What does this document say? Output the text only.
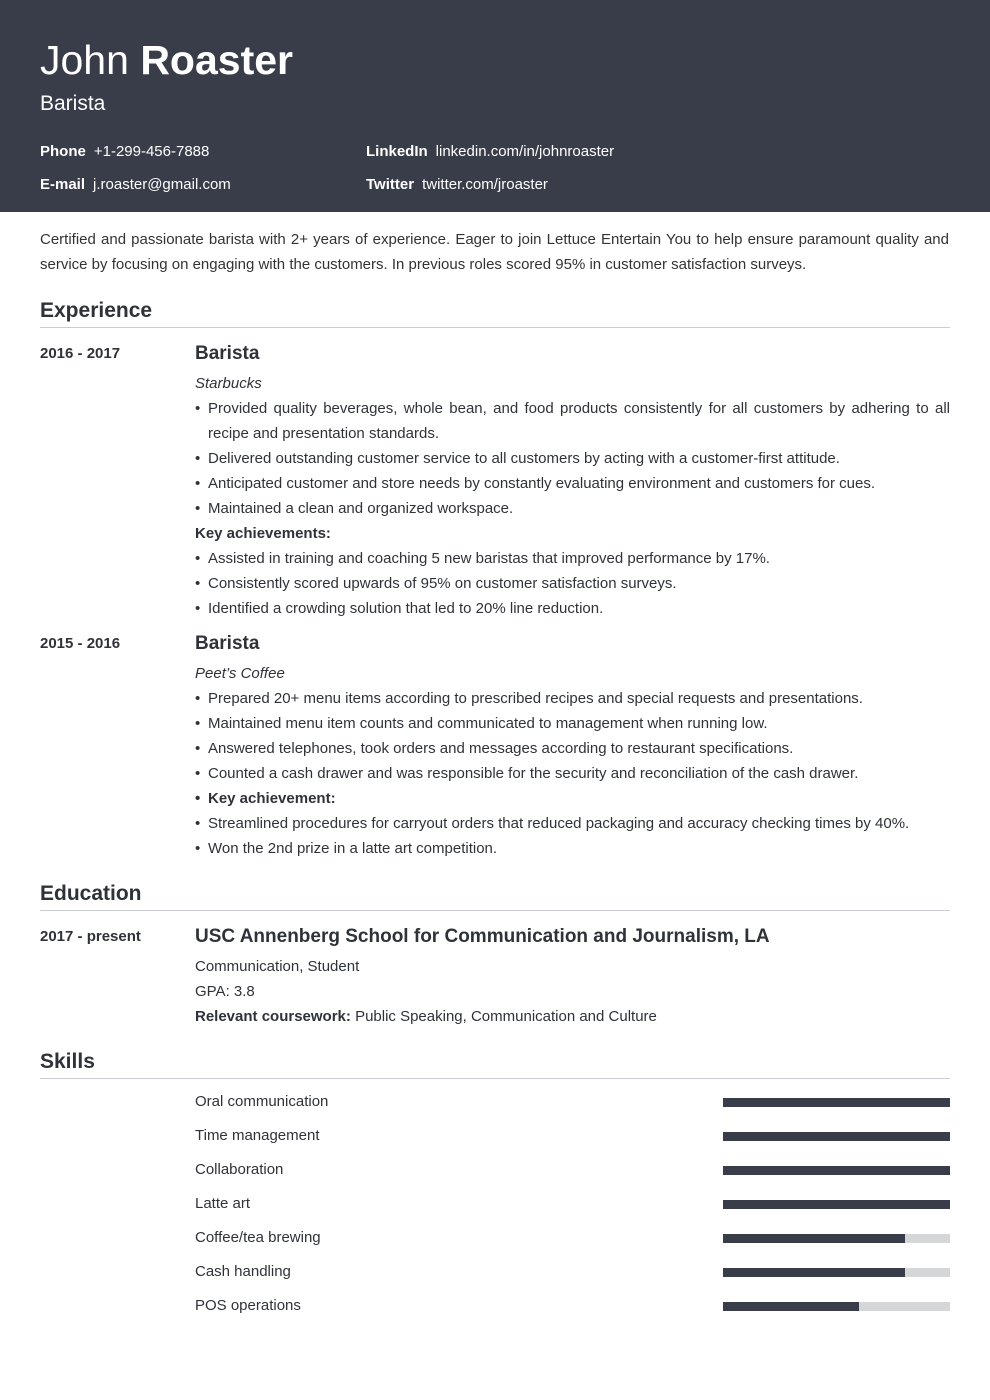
John Roaster
Barista
Phone +1-299-456-7888	LinkedIn linkedin.com/in/johnroaster
E-mail j.roaster@gmail.com	Twitter twitter.com/jroaster

Certified and passionate barista with 2+ years of experience. Eager to join Lettuce Entertain You to help ensure paramount quality and service by focusing on engaging with the customers. In previous roles scored 95% in customer satisfaction surveys.

Experience
2016 - 2017	Barista
Starbucks
• Provided quality beverages, whole bean, and food products consistently for all customers by adhering to all recipe and presentation standards.
• Delivered outstanding customer service to all customers by acting with a customer-first attitude.
• Anticipated customer and store needs by constantly evaluating environment and customers for cues.
• Maintained a clean and organized workspace.
Key achievements:
• Assisted in training and coaching 5 new baristas that improved performance by 17%.
• Consistently scored upwards of 95% on customer satisfaction surveys.
• Identified a crowding solution that led to 20% line reduction.
2015 - 2016	Barista
Peet’s Coffee
• Prepared 20+ menu items according to prescribed recipes and special requests and presentations.
• Maintained menu item counts and communicated to management when running low.
• Answered telephones, took orders and messages according to restaurant specifications.
• Counted a cash drawer and was responsible for the security and reconciliation of the cash drawer.
• Key achievement:
• Streamlined procedures for carryout orders that reduced packaging and accuracy checking times by 40%.
• Won the 2nd prize in a latte art competition.
Education
2017 - present	USC Annenberg School for Communication and Journalism, LA
Communication, Student
GPA: 3.8
Relevant coursework: Public Speaking, Communication and Culture
Skills
Oral communication
Time management
Collaboration
Latte art
Coffee/tea brewing
Cash handling
POS operations
